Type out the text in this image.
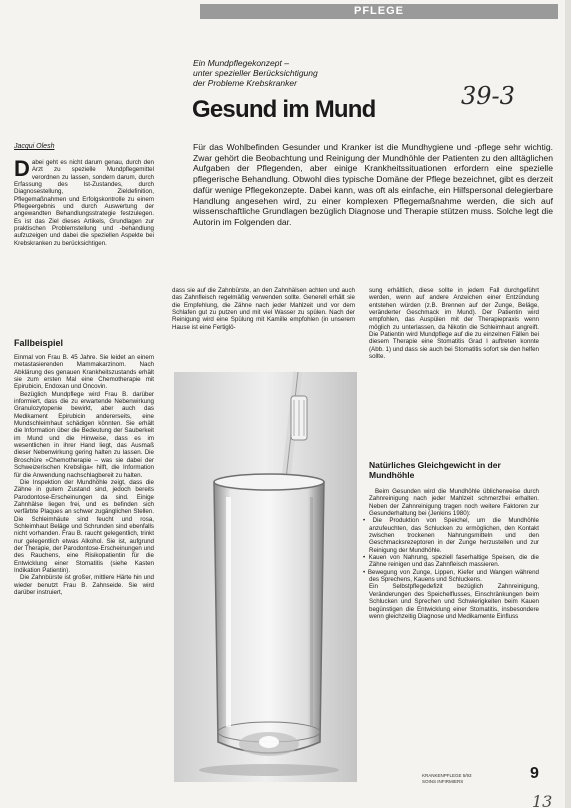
PFLEGE
Ein Mundpflegekonzept –
unter spezieller Berücksichtigung
der Probleme Krebskranker
Gesund im Mund	39-3
Jacqui Olesh	Für das Wohlbefinden Gesunder und Kranker ist die Mundhygiene und -pflege sehr wichtig. Zwar gehört die Beobachtung und Reinigung der Mundhöhle der Patienten zu den alltäglichen Aufgaben der Pflegenden, aber einige Krankheitssituationen erfordern eine spezielle pflegerische Behandlung. Obwohl dies typische Domäne der Pflege bezeichnet, gibt es derzeit dafür wenige Pflegekonzepte. Dabei kann, was oft als einfache, ein Hilfspersonal delegierbare Handlung angesehen wird, zu einer komplexen Pflegemaßnahme werden, die sich auf wissenschaftliche Grundlagen bezüglich Diagnose und Therapie stützen muss. Solche legt die Autorin im Folgenden dar.
Dabei geht es nicht darum genau, durch den Arzt zu spezielle Mundpflegemittel verordnen zu lassen, sondern darum, durch Erfassung des Ist-Zustandes, durch Diagnosestellung, Zieldefinition, Pflegemaßnahmen und Erfolgskontrolle zu einem Pflegeergebnis und durch Auswertung der angewandten Behandlungsstrategie festzulegen. Es ist das Ziel dieses Artikels, Grundlagen zur praktischen Problemstellung und -behandlung aufzuzeigen und dabei die speziellen Aspekte bei Krebskranken zu berücksichtigen.
Fallbeispiel

Einmal von Frau B. 45 Jahre. Sie leidet an einem metastasierenden Mammakarzinom. Nach Abklärung des genauen Krankheitszustands erhält sie zum ersten Mal eine Chemotherapie mit Epirubicin, Endoxan und Oncovin.

Bezüglich Mundpflege wird Frau B. darüber informiert, dass die zu erwartende Nebenwirkung Granulozytopenie bewirkt, aber auch das Medikament Epirubicin andererseits, eine Mundschleimhaut schädigen könnten. Sie erhält die Information über die Bedeutung der Sauberkeit im Mund und die Hinweise, dass es im wesentlichen in ihrer Hand liegt, das Ausmaß dieser Nebenwirkung gering halten zu lassen. Die Broschüre »Chemotherapie – was sie dabei der Schweizerischen Krebsliga« hilft, die Information für die Anwendung nachschlagbereit zu halten.

Die Inspektion der Mundhöhle zeigt, dass die Zähne in gutem Zustand sind, jedoch bereits Parodontose-Erscheinungen da sind. Einige Zahnhälse liegen frei, und es befinden sich verfärbte Plaques an schwer zugänglichen Stellen. Die Schleimhäute sind feucht und rosa, Schleimhaut Beläge und Schrunden sind ebenfalls nicht vorhanden. Frau B. raucht gelegentlich, trinkt nur gelegentlich etwas Alkohol. Sie ist, aufgrund der Therapie, der Parodontose-Erscheinungen und des Rauchens, eine Risikopatientin für die Entwicklung einer Stomatitis (siehe Kasten Indikation Patientin).

Die Zahnbürste ist großer, mittlere Härte hin und wieder benutzt Frau B. Zahnseide. Sie wird darüber instruiert,

dass sie auf die Zahnbürste, an den Zahnhälsen achten und auch das Zahnfleisch regelmäßig verwenden sollte. Generell erhält sie die Empfehlung, die Zähne nach jeder Mahlzeit und vor dem Schlafen gut zu putzen und mit viel Wasser zu spülen. Nach der Reinigung wird eine Spülung mit Kamille empfohlen (in unserem Hause ist eine Fertiglö-
sung erhältlich, diese sollte in jedem Fall durchgeführt werden, wenn auf andere Anzeichen einer Entzündung entstehen würden (z.B. Brennen auf der Zunge, Beläge, veränderter Geschmack im Mund). Der Patientin wird empfohlen, das Auspülen mit der Therapiepraxis wenn möglich zu unterlassen, da Nikotin die Schleimhaut angreift. Die Patientin wird Mundpflege auf die zu einzelnen Fällen bei diesem Therapie eine Stomatitis Grad I auftreten konnte (Abb. 1) und dass sie auch bei Stomatitis sofort sie den helfen sollte.
Natürliches Gleichgewicht in der Mundhöhle

Beim Gesunden wird die Mundhöhle üblicherweise durch Zahnreinigung nach jeder Mahlzeit schmerzfrei erhalten. Neben der Zahnreinigung tragen noch weitere Faktoren zur Gesunderhaltung bei (Jenkins 1980):

• Die Produktion von Speichel, um die Mundhöhle anzufeuchten, das Schlucken zu ermöglichen, den Kontakt zwischen trockenen Nahrungsmitteln und den Geschmacksrezeptoren in der Zunge herzustellen und zur Reinigung der Mundhöhle.

• Kauen von Nahrung, speziell faserhaltige Speisen, die die Zähne reinigen und das Zahnfleisch massieren.

• Bewegung von Zunge, Lippen, Kiefer und Wangen während des Sprechens, Kauens und Schluckens.

Ein Selbstpflegedefizit bezüglich Zahnreinigung, Veränderungen des Speichelflusses, Einschränkungen beim Schlucken und Sprechen und Schwierigkeiten beim Kauen begünstigen die Entwicklung einer Stomatitis, insbesondere wenn gleichzeitig Diagnose und Medikamente Einfluss

KRANKENPFLEGE 5/93
SOINS INFIRMIERS	9
13
